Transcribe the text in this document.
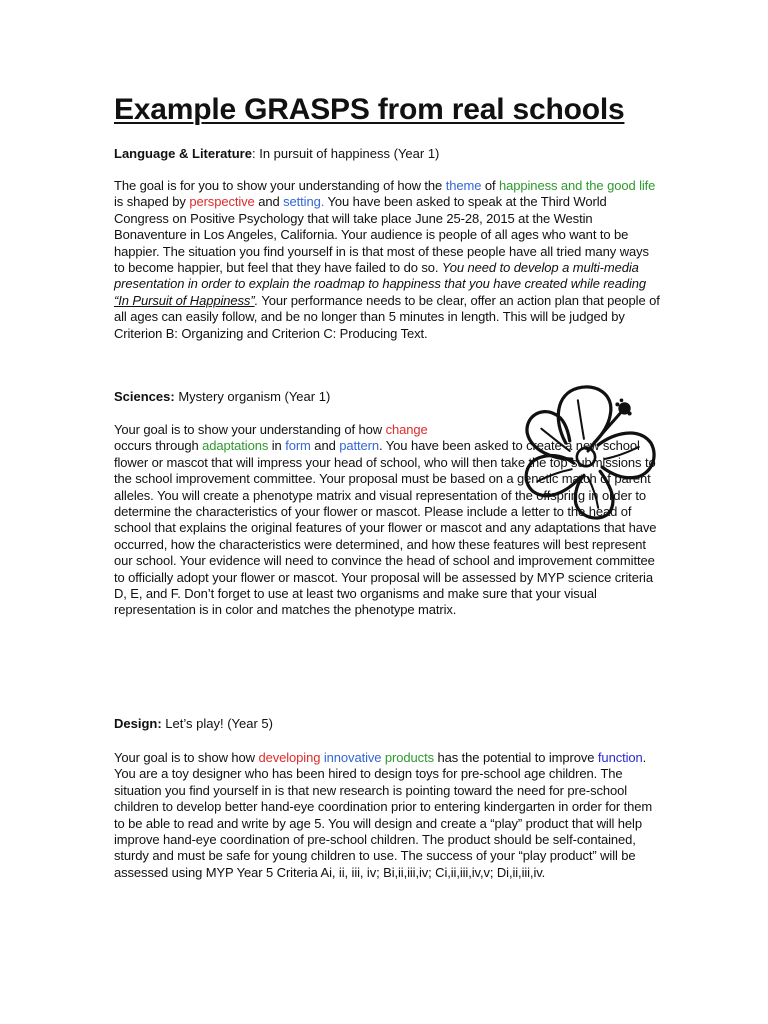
Example GRASPS from real schools

Language & Literature: In pursuit of happiness (Year 1)

The goal is for you to show your understanding of how the theme of happiness and the good life is shaped by perspective and setting. You have been asked to speak at the Third World Congress on Positive Psychology that will take place June 25-28, 2015 at the Westin Bonaventure in Los Angeles, California. Your audience is people of all ages who want to be happier. The situation you find yourself in is that most of these people have all tried many ways to become happier, but feel that they have failed to do so. You need to develop a multi-media presentation in order to explain the roadmap to happiness that you have created while reading “In Pursuit of Happiness”. Your performance needs to be clear, offer an action plan that people of all ages can easily follow, and be no longer than 5 minutes in length. This will be judged by Criterion B: Organizing and Criterion C: Producing Text.

Sciences: Mystery organism (Year 1)

Your goal is to show your understanding of how change
occurs through adaptations in form and pattern. You have been asked to create a new school flower or mascot that will impress your head of school, who will then take the top submissions to the school improvement committee. Your proposal must be based on a genetic match of parent alleles. You will create a phenotype matrix and visual representation of the offspring in order to determine the characteristics of your flower or mascot. Please include a letter to the head of school that explains the original features of your flower or mascot and any adaptations that have occurred, how the characteristics were determined, and how these features will best represent our school. Your evidence will need to convince the head of school and improvement committee to officially adopt your flower or mascot. Your proposal will be assessed by MYP science criteria D, E, and F. Don’t forget to use at least two organisms and make sure that your visual representation is in color and matches the phenotype matrix.

Design: Let’s play! (Year 5)

Your goal is to show how developing innovative products has the potential to improve function. You are a toy designer who has been hired to design toys for pre-school age children. The situation you find yourself in is that new research is pointing toward the need for pre-school children to develop better hand-eye coordination prior to entering kindergarten in order for them to be able to read and write by age 5. You will design and create a “play” product that will help improve hand-eye coordination of pre-school children. The product should be self-contained, sturdy and must be safe for young children to use. The success of your “play product” will be assessed using MYP Year 5 Criteria Ai, ii, iii, iv; Bi,ii,iii,iv; Ci,ii,iii,iv,v; Di,ii,iii,iv.
